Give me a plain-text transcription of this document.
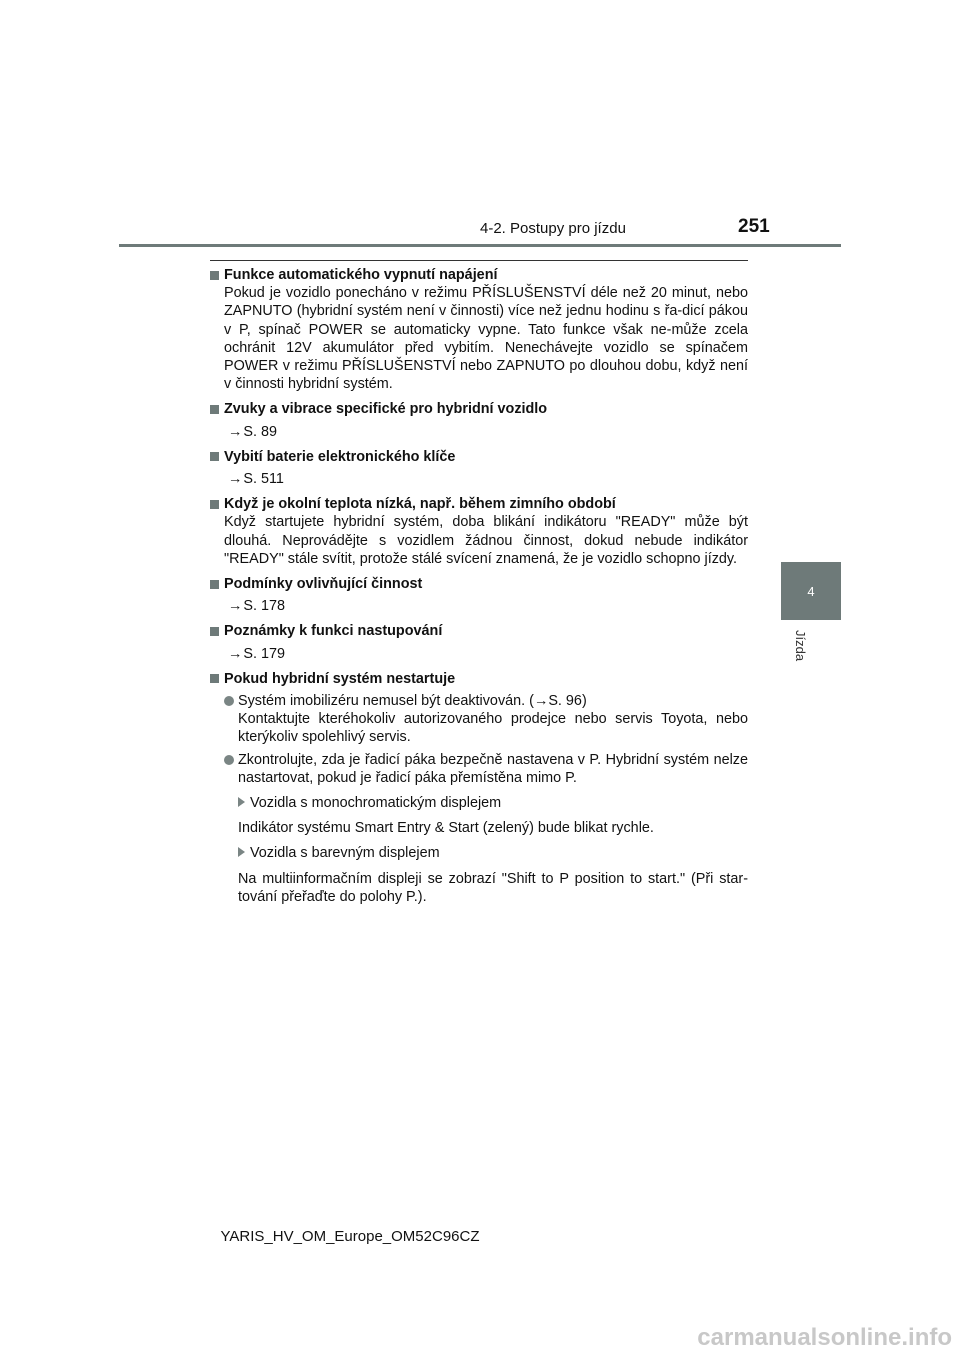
4-2. Postupy pro jízdu	251
4
Jízda
Funkce automatického vypnutí napájení
Pokud je vozidlo ponecháno v režimu PŘÍSLUŠENSTVÍ déle než 20 minut, nebo ZAPNUTO (hybridní systém není v činnosti) více než jednu hodinu s řa-dicí pákou v P, spínač POWER se automaticky vypne. Tato funkce však ne-může zcela ochránit 12V akumulátor před vybitím. Nenechávejte vozidlo se spínačem POWER v režimu PŘÍSLUŠENSTVÍ nebo ZAPNUTO po dlouhou dobu, když není v činnosti hybridní systém.
Zvuky a vibrace specifické pro hybridní vozidlo
→S. 89
Vybití baterie elektronického klíče
→S. 511
Když je okolní teplota nízká, např. během zimního období
Když startujete hybridní systém, doba blikání indikátoru "READY" může být dlouhá. Neprovádějte s vozidlem žádnou činnost, dokud nebude indikátor "READY" stále svítit, protože stálé svícení znamená, že je vozidlo schopno jízdy.
Podmínky ovlivňující činnost
→S. 178
Poznámky k funkci nastupování
→S. 179
Pokud hybridní systém nestartuje
Systém imobilizéru nemusel být deaktivován. (→S. 96)
Kontaktujte kteréhokoliv autorizovaného prodejce nebo servis Toyota, nebo kterýkoliv spolehlivý servis.
Zkontrolujte, zda je řadicí páka bezpečně nastavena v P. Hybridní systém nelze nastartovat, pokud je řadicí páka přemístěna mimo P.
Vozidla s monochromatickým displejem
Indikátor systému Smart Entry & Start (zelený) bude blikat rychle.
Vozidla s barevným displejem
Na multiinformačním displeji se zobrazí "Shift to P position to start." (Při star-tování přeřaďte do polohy P.).
YARIS_HV_OM_Europe_OM52C96CZ
carmanualsonline.info
